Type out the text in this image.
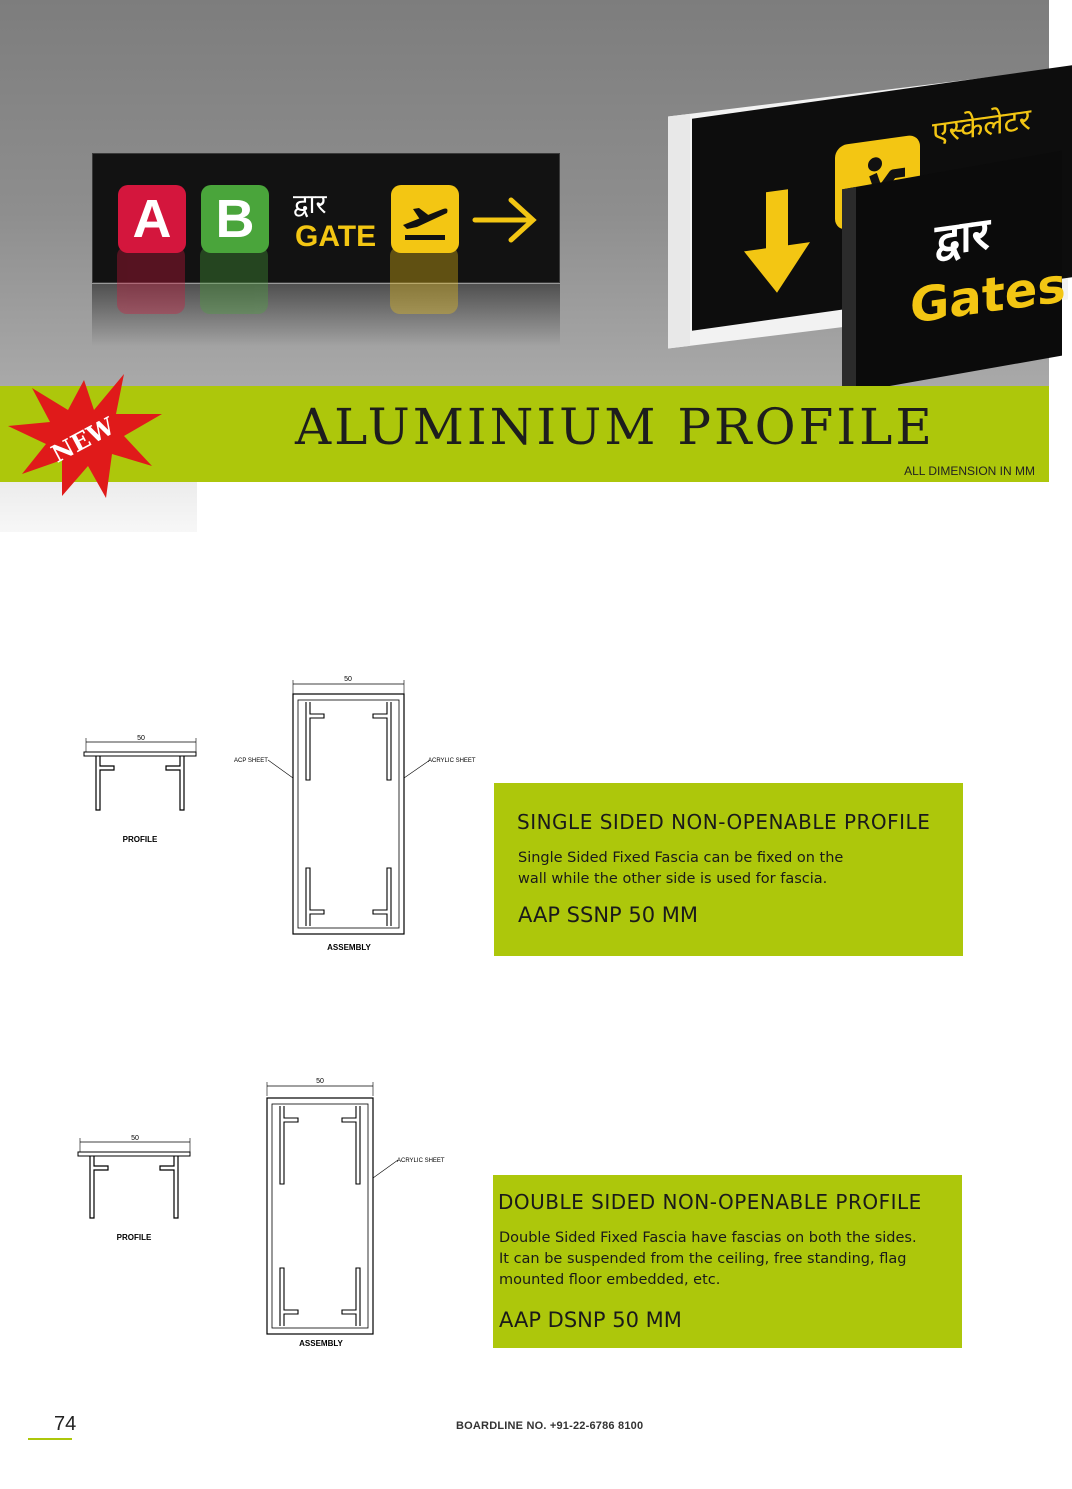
A B	द्वार
GATE
एस्केलेटर
द्वार
Gates
NEW	ALUMINIUM PROFILE
ALL DIMENSION IN MM
50
PROFILE
50
ACP SHEET	ACRYLIC SHEET
ASSEMBLY
SINGLE SIDED NON-OPENABLE PROFILE

Single Sided Fixed Fascia can be fixed on the
wall while the other side is used for fascia.

AAP SSNP 50 MM
50
PROFILE
50
ACRYLIC SHEET
ASSEMBLY
DOUBLE SIDED NON-OPENABLE PROFILE

Double Sided Fixed Fascia have fascias on both the sides.
It can be suspended from the ceiling, free standing, flag
mounted floor embedded, etc.

AAP DSNP 50 MM
74	BOARDLINE NO. +91-22-6786 8100
